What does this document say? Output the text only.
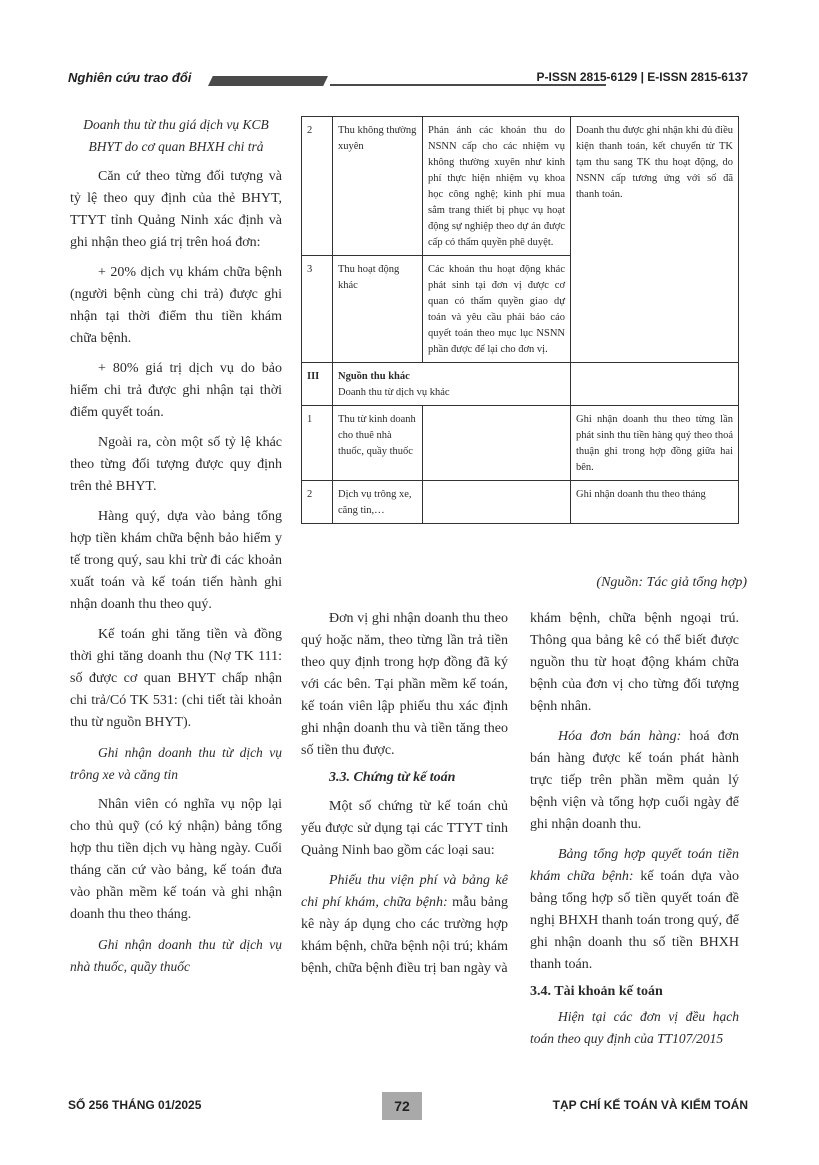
Nghiên cứu trao đổi	P-ISSN 2815-6129 | E-ISSN 2815-6137

Doanh thu từ thu giá dịch vụ KCB BHYT do cơ quan BHXH chi trả

Căn cứ theo từng đối tượng và tỷ lệ theo quy định của thẻ BHYT, TTYT tỉnh Quảng Ninh xác định và ghi nhận theo giá trị trên hoá đơn:

+ 20% dịch vụ khám chữa bệnh (người bệnh cùng chi trả) được ghi nhận tại thời điểm thu tiền khám chữa bệnh.

+ 80% giá trị dịch vụ do bảo hiểm chi trả được ghi nhận tại thời điểm quyết toán.

Ngoài ra, còn một số tỷ lệ khác theo từng đối tượng được quy định trên thẻ BHYT.

Hàng quý, dựa vào bảng tổng hợp tiền khám chữa bệnh bảo hiểm y tế trong quý, sau khi trừ đi các khoản xuất toán và kế toán tiến hành ghi nhận doanh thu theo quý.

Kế toán ghi tăng tiền và đồng thời ghi tăng doanh thu (Nợ TK 111: số được cơ quan BHYT chấp nhận chi trả/Có TK 531: (chi tiết tài khoản thu từ nguồn BHYT).

Ghi nhận doanh thu từ dịch vụ trông xe và căng tin

Nhân viên có nghĩa vụ nộp lại cho thủ quỹ (có ký nhận) bảng tổng hợp thu tiền dịch vụ hàng ngày. Cuối tháng căn cứ vào bảng, kế toán đưa vào phần mềm kế toán và ghi nhận doanh thu theo tháng.

Ghi nhận doanh thu từ dịch vụ nhà thuốc, quầy thuốc

2	Thu không thường xuyên	Phản ánh các khoản thu do NSNN cấp cho các nhiệm vụ không thường xuyên như kinh phí thực hiện nhiệm vụ khoa học công nghệ; kinh phí mua sắm trang thiết bị phục vụ hoạt động sự nghiệp theo dự án được cấp có thẩm quyền phê duyệt.	Doanh thu được ghi nhận khi đủ điều kiện thanh toán, kết chuyển từ TK tạm thu sang TK thu hoạt động, do NSNN cấp tương ứng với số đã thanh toán.
3	Thu hoạt động khác	Các khoản thu hoạt động khác phát sinh tại đơn vị được cơ quan có thẩm quyền giao dự toán và yêu cầu phải báo cáo quyết toán theo mục lục NSNN phần được để lại cho đơn vị.	
III	Nguồn thu khác
Doanh thu từ dịch vụ khác		

1	Thu từ kinh doanh cho thuê nhà thuốc, quầy thuốc		Ghi nhận doanh thu theo từng lần phát sinh thu tiền hàng quý theo thoả thuận ghi trong hợp đồng giữa hai bên.
2	Dịch vụ trông xe, căng tin,…		Ghi nhận doanh thu theo tháng
(Nguồn: Tác giả tổng hợp)

Đơn vị ghi nhận doanh thu theo quý hoặc năm, theo từng lần trả tiền theo quy định trong hợp đồng đã ký với các bên. Tại phần mềm kế toán, kế toán viên lập phiếu thu xác định ghi nhận doanh thu và tiền tăng theo số tiền thu được.

3.3. Chứng từ kế toán

Một số chứng từ kế toán chủ yếu được sử dụng tại các TTYT tỉnh Quảng Ninh bao gồm các loại sau:

Phiếu thu viện phí và bảng kê chi phí khám, chữa bệnh: mẫu bảng kê này áp dụng cho các trường hợp khám bệnh, chữa bệnh nội trú; khám bệnh, chữa bệnh điều trị ban ngày và

khám bệnh, chữa bệnh ngoại trú. Thông qua bảng kê có thể biết được nguồn thu từ hoạt động khám chữa bệnh của đơn vị cho từng đối tượng bệnh nhân.

Hóa đơn bán hàng: hoá đơn bán hàng được kế toán phát hành trực tiếp trên phần mềm quản lý bệnh viện và tổng hợp cuối ngày để ghi nhận doanh thu.

Bảng tổng hợp quyết toán tiền khám chữa bệnh: kế toán dựa vào bảng tổng hợp số tiền quyết toán đề nghị BHXH thanh toán trong quý, để ghi nhận doanh thu số tiền BHXH thanh toán.

3.4. Tài khoản kế toán

Hiện tại các đơn vị đều hạch toán theo quy định của TT107/2015

SỐ 256 THÁNG 01/2025	72	TẠP CHÍ KẾ TOÁN VÀ KIỂM TOÁN
